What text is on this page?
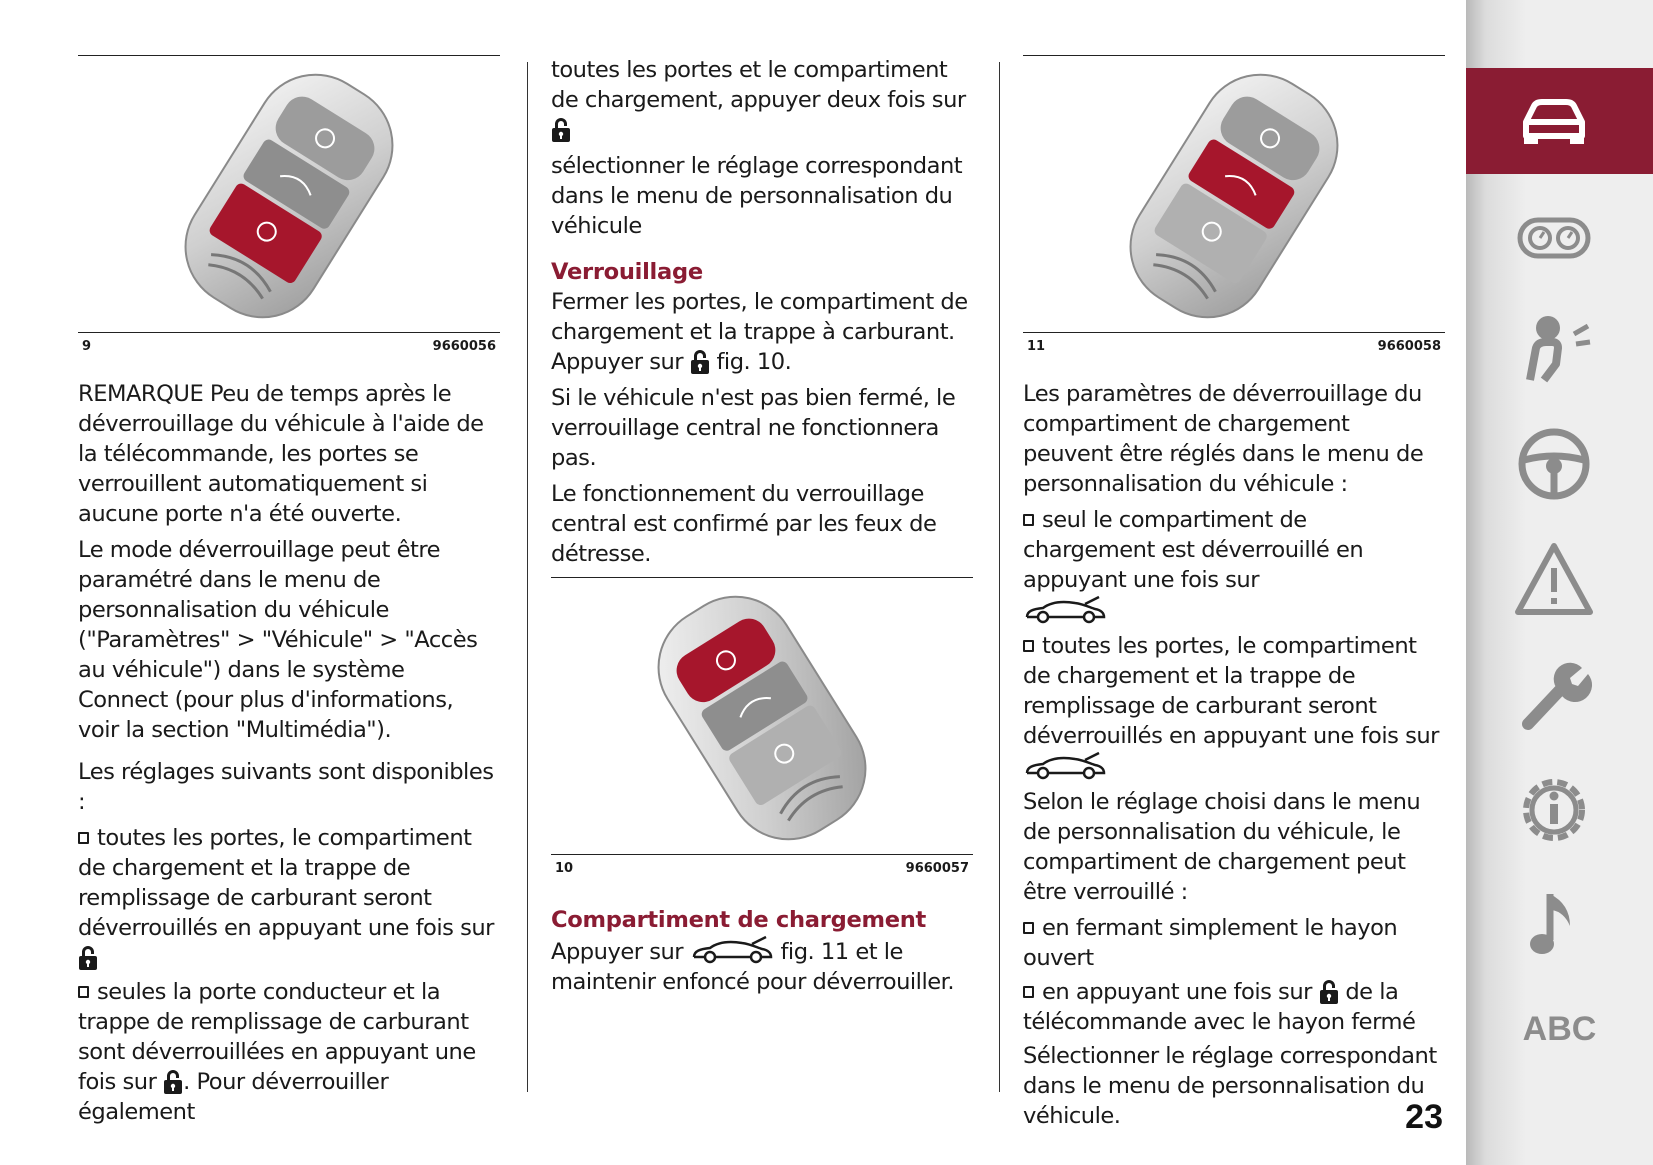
9	9660056

REMARQUE Peu de temps après le déverrouillage du véhicule à l'aide de la télécommande, les portes se verrouillent automatiquement si aucune porte n'a été ouverte.

Le mode déverrouillage peut être paramétré dans le menu de personnalisation du véhicule ("Paramètres" > "Véhicule" > "Accès au véhicule") dans le système Connect (pour plus d'informations, voir la section "Multimédia").

Les réglages suivants sont disponibles :

toutes les portes, le compartiment de chargement et la trappe de remplissage de carburant seront déverrouillés en appuyant une fois sur
seules la porte conducteur et la trappe de remplissage de carburant sont déverrouillées en appuyant une fois sur . Pour déverrouiller également

toutes les portes et le compartiment de chargement, appuyer deux fois sur

sélectionner le réglage correspondant dans le menu de personnalisation du véhicule

Verrouillage

Fermer les portes, le compartiment de chargement et la trappe à carburant.
Appuyer sur fig. 10.

Si le véhicule n'est pas bien fermé, le verrouillage central ne fonctionnera pas.

Le fonctionnement du verrouillage central est confirmé par les feux de détresse.

10	9660057
Compartiment de chargement

Appuyer sur	fig. 11 et le maintenir enfoncé pour déverrouiller.

11	9660058

Les paramètres de déverrouillage du compartiment de chargement peuvent être réglés dans le menu de personnalisation du véhicule :

seul le compartiment de chargement est déverrouillé en appuyant une fois sur

toutes les portes, le compartiment de chargement et la trappe de remplissage de carburant seront déverrouillés en appuyant une fois sur

Selon le réglage choisi dans le menu de personnalisation du véhicule, le compartiment de chargement peut être verrouillé :

en fermant simplement le hayon ouvert
en appuyant une fois sur de la télécommande avec le hayon fermé

Sélectionner le réglage correspondant dans le menu de personnalisation du véhicule.

ABC
23
